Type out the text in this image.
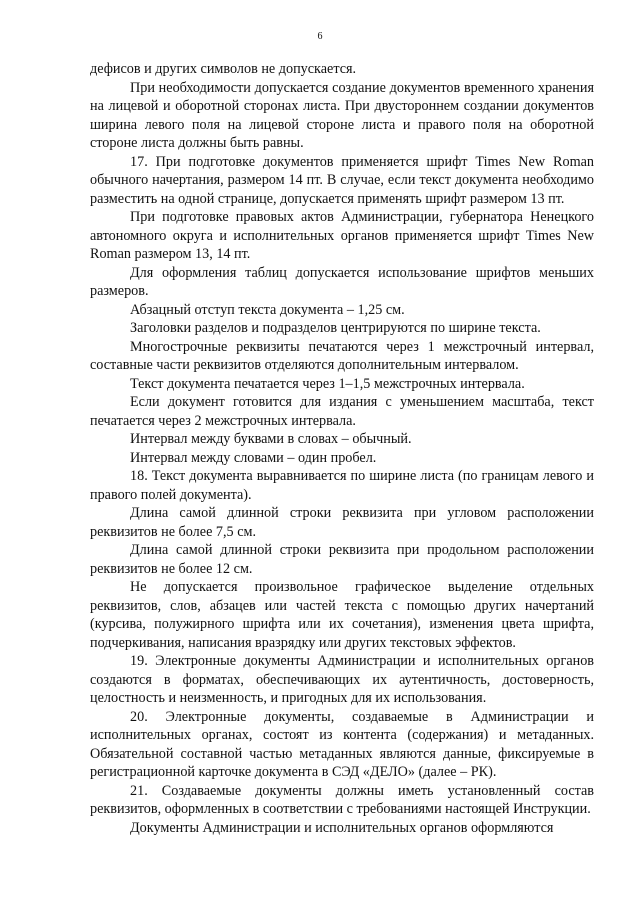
6

дефисов и других символов не допускается.

При необходимости допускается создание документов временного хранения на лицевой и оборотной сторонах листа. При двустороннем создании документов ширина левого поля на лицевой стороне листа и правого поля на оборотной стороне листа должны быть равны.

17. При подготовке документов применяется шрифт Times New Roman обычного начертания, размером 14 пт. В случае, если текст документа необходимо разместить на одной странице, допускается применять шрифт размером 13 пт.

При подготовке правовых актов Администрации, губернатора Ненецкого автономного округа и исполнительных органов применяется шрифт Times New Roman размером 13, 14 пт.

Для оформления таблиц допускается использование шрифтов меньших размеров.

Абзацный отступ текста документа – 1,25 см.

Заголовки разделов и подразделов центрируются по ширине текста.

Многострочные реквизиты печатаются через 1 межстрочный интервал, составные части реквизитов отделяются дополнительным интервалом.

Текст документа печатается через 1–1,5 межстрочных интервала.

Если документ готовится для издания с уменьшением масштаба, текст печатается через 2 межстрочных интервала.

Интервал между буквами в словах – обычный.

Интервал между словами – один пробел.

18. Текст документа выравнивается по ширине листа (по границам левого и правого полей документа).

Длина самой длинной строки реквизита при угловом расположении реквизитов не более 7,5 см.

Длина самой длинной строки реквизита при продольном расположении реквизитов не более 12 см.

Не допускается произвольное графическое выделение отдельных реквизитов, слов, абзацев или частей текста с помощью других начертаний (курсива, полужирного шрифта или их сочетания), изменения цвета шрифта, подчеркивания, написания вразрядку или других текстовых эффектов.

19. Электронные документы Администрации и исполнительных органов создаются в форматах, обеспечивающих их аутентичность, достоверность, целостность и неизменность, и пригодных для их использования.

20. Электронные документы, создаваемые в Администрации и исполнительных органах, состоят из контента (содержания) и метаданных. Обязательной составной частью метаданных являются данные, фиксируемые в регистрационной карточке документа в СЭД «ДЕЛО» (далее – РК).

21. Создаваемые документы должны иметь установленный состав реквизитов, оформленных в соответствии с требованиями настоящей Инструкции.

Документы Администрации и исполнительных органов оформляются
